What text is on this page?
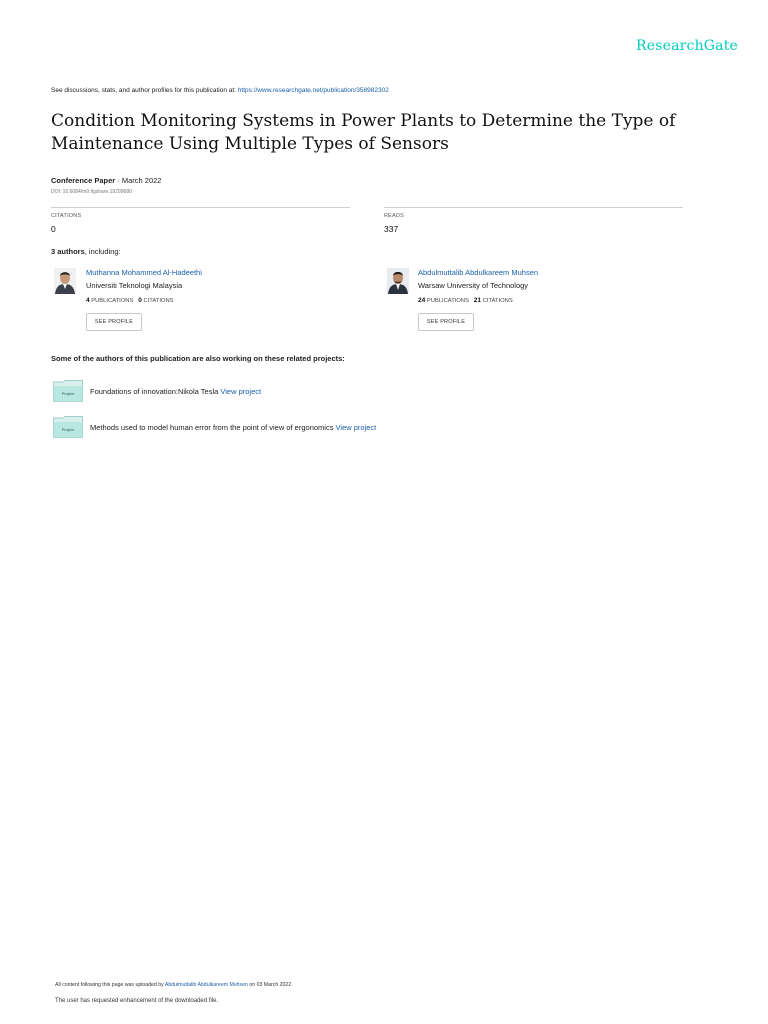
ResearchGate
See discussions, stats, and author profiles for this publication at: https://www.researchgate.net/publication/358982302
Condition Monitoring Systems in Power Plants to Determine the Type of Maintenance Using Multiple Types of Sensors
Conference Paper · March 2022
DOI: 10.6084/m9.figshare.19299680
CITATIONS
0
READS
337
3 authors, including:
Muthanna Mohammed Al-Hadeethi
Universiti Teknologi Malaysia
4 PUBLICATIONS 0 CITATIONS
SEE PROFILE
Abdulmuttalib Abdulkareem Muhsen
Warsaw University of Technology
24 PUBLICATIONS 21 CITATIONS
SEE PROFILE
Some of the authors of this publication are also working on these related projects:
Project Foundations of innovation:Nikola Tesla View project
Project Methods used to model human error from the point of view of ergonomics View project
All content following this page was uploaded by Abdulmuttalib Abdulkareem Muhsen on 03 March 2022.
The user has requested enhancement of the downloaded file.
